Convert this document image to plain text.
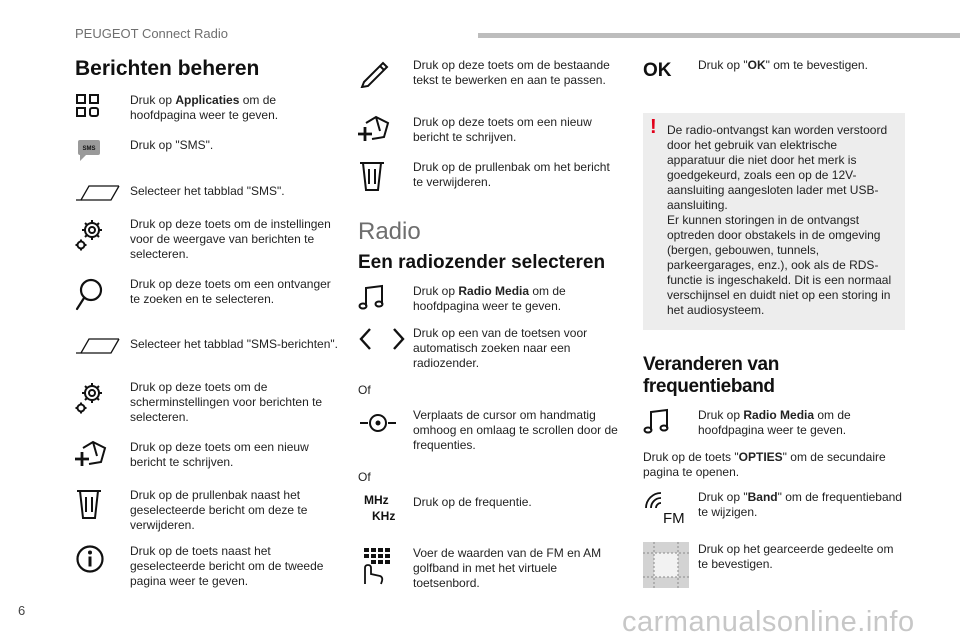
PEUGEOT Connect Radio
Berichten beheren
Druk op Applicaties om de hoofdpagina weer te geven.
SMS	Druk op "SMS".
Selecteer het tabblad "SMS".
Druk op deze toets om de instellingen voor de weergave van berichten te selecteren.
Druk op deze toets om een ontvanger te zoeken en te selecteren.
Selecteer het tabblad "SMS-berichten".
Druk op deze toets om de scherminstellingen voor berichten te selecteren.
Druk op deze toets om een nieuw bericht te schrijven.
Druk op de prullenbak naast het geselecteerde bericht om deze te verwijderen.
Druk op de toets naast het geselecteerde bericht om de tweede pagina weer te geven.
Druk op deze toets om de bestaande tekst te bewerken en aan te passen.
Druk op deze toets om een nieuw bericht te schrijven.
Druk op de prullenbak om het bericht te verwijderen.
Radio
Een radiozender selecteren
Druk op Radio Media om de hoofdpagina weer te geven.
Druk op een van de toetsen voor automatisch zoeken naar een radiozender.
Of
Verplaats de cursor om handmatig omhoog en omlaag te scrollen door de frequenties.
Of
MHz
KHz
Druk op de frequentie.
Voer de waarden van de FM en AM golfband in met het virtuele toetsenbord.
OK Druk op "OK" om te bevestigen.
! De radio-ontvangst kan worden verstoord door het gebruik van elektrische apparatuur die niet door het merk is goedgekeurd, zoals een op de 12V-aansluiting aangesloten lader met USB-aansluiting.

Er kunnen storingen in de ontvangst optreden door obstakels in de omgeving (bergen, gebouwen, tunnels, parkeergarages, enz.), ook als de RDS-functie is ingeschakeld. Dit is een normaal verschijnsel en duidt niet op een storing in het audiosysteem.

Veranderen van frequentieband
Druk op Radio Media om de hoofdpagina weer te geven.
Druk op de toets "OPTIES" om de secundaire pagina te openen.
FM
Druk op "Band" om de frequentieband te wijzigen.
Druk op het gearceerde gedeelte om te bevestigen.
6	carmanualsonline.info
